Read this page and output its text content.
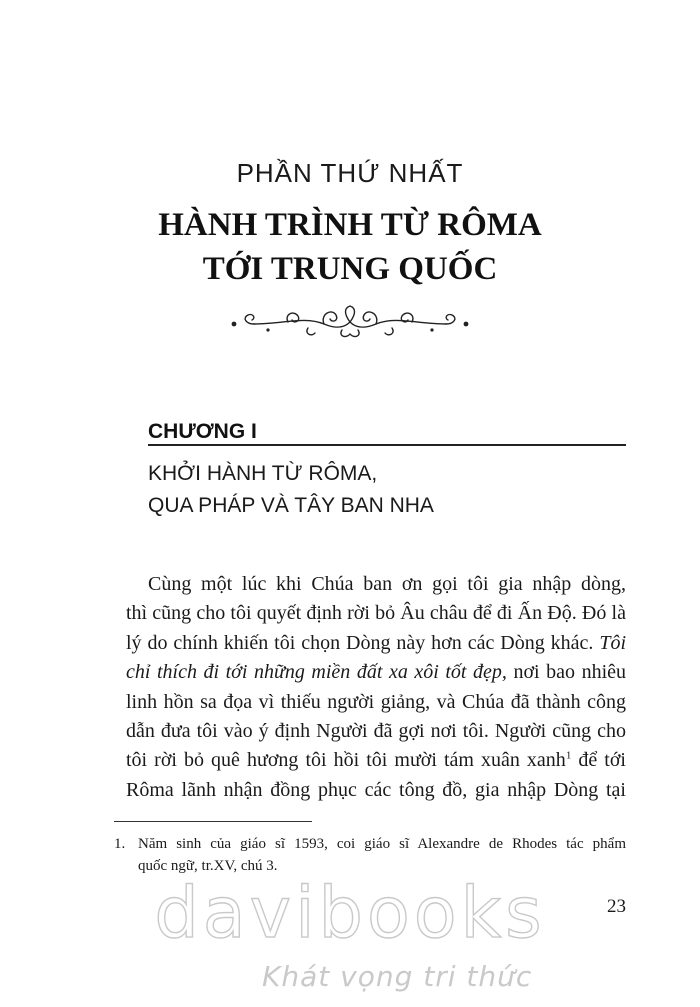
PHẦN THỨ NHẤT
HÀNH TRÌNH TỪ RÔMA
TỚI TRUNG QUỐC
CHƯƠNG I
KHỞI HÀNH TỪ RÔMA,
QUA PHÁP VÀ TÂY BAN NHA
Cùng một lúc khi Chúa ban ơn gọi tôi gia nhập dòng,
thì cũng cho tôi quyết định rời bỏ Âu châu để đi Ấn Độ. Đó là
lý do chính khiến tôi chọn Dòng này hơn các Dòng khác. Tôi
chỉ thích đi tới những miền đất xa xôi tốt đẹp, nơi bao nhiêu
linh hồn sa đọa vì thiếu người giảng, và Chúa đã thành công
dẫn đưa tôi vào ý định Người đã gợi nơi tôi. Người cũng cho
tôi rời bỏ quê hương tôi hồi tôi mười tám xuân xanh$^1$ để tới
Rôma lãnh nhận đồng phục các tông đồ, gia nhập Dòng tại
1. Năm sinh của giáo sĩ 1593, coi giáo sĩ Alexandre de Rhodes tác phẩm
quốc ngữ, tr.XV, chú 3.
23
davibooks
Khát vọng tri thức
